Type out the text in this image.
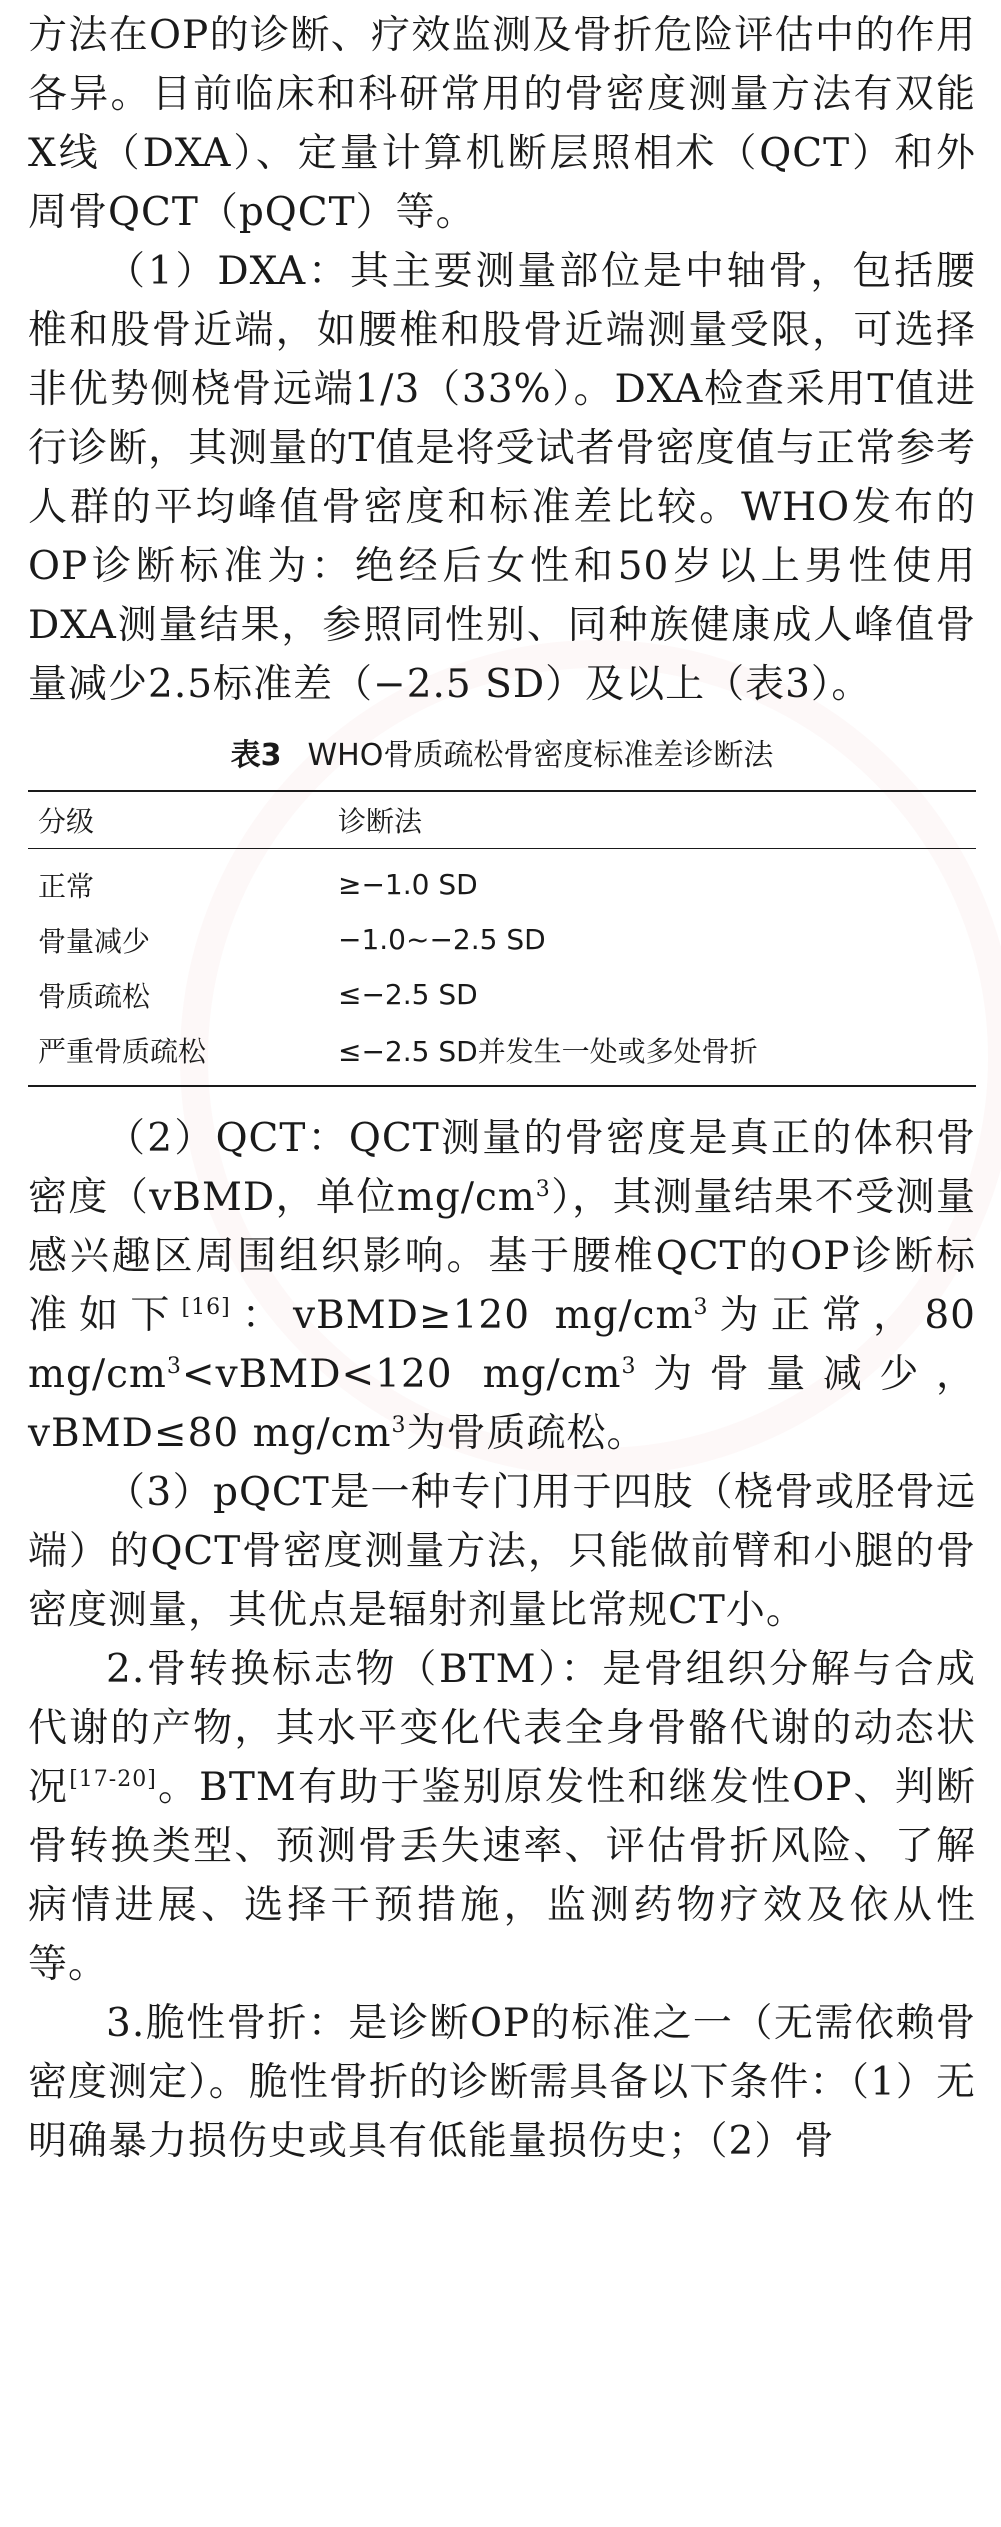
方法在OP的诊断、疗效监测及骨折危险评估中的作用各异。目前临床和科研常用的骨密度测量方法有双能X线（DXA）、定量计算机断层照相术（QCT）和外周骨QCT（pQCT）等。

（1）DXA：其主要测量部位是中轴骨，包括腰椎和股骨近端，如腰椎和股骨近端测量受限，可选择非优势侧桡骨远端1/3（33%）。DXA检查采用T值进行诊断，其测量的T值是将受试者骨密度值与正常参考人群的平均峰值骨密度和标准差比较。WHO发布的OP诊断标准为：绝经后女性和50岁以上男性使用DXA测量结果，参照同性别、同种族健康成人峰值骨量减少2.5标准差（−2.5 SD）及以上（表3）。

表3 WHO骨质疏松骨密度标准差诊断法
分级	诊断法
正常	≥−1.0 SD
骨量减少	−1.0~−2.5 SD
骨质疏松	≤−2.5 SD
严重骨质疏松	≤−2.5 SD并发生一处或多处骨折

（2）QCT：QCT测量的骨密度是真正的体积骨密度（vBMD，单位$mg/cm^3$），其测量结果不受测量感兴趣区周围组织影响。基于腰椎QCT的OP诊断标准如下[16]：vBMD≥120 $mg/cm^3$为正常，80 $mg/cm^3<vBMD<120$ $mg/cm^3$为骨量减少，vBMD≤80 $mg/cm^3$为骨质疏松。

（3）pQCT是一种专门用于四肢（桡骨或胫骨远端）的QCT骨密度测量方法，只能做前臂和小腿的骨密度测量，其优点是辐射剂量比常规CT小。

2.骨转换标志物（BTM）：是骨组织分解与合成代谢的产物，其水平变化代表全身骨骼代谢的动态状况[17-20]。BTM有助于鉴别原发性和继发性OP、判断骨转换类型、预测骨丢失速率、评估骨折风险、了解病情进展、选择干预措施，监测药物疗效及依从性等。

3.脆性骨折：是诊断OP的标准之一（无需依赖骨密度测定）。脆性骨折的诊断需具备以下条件：（1）无明确暴力损伤史或具有低能量损伤史；（2）骨
